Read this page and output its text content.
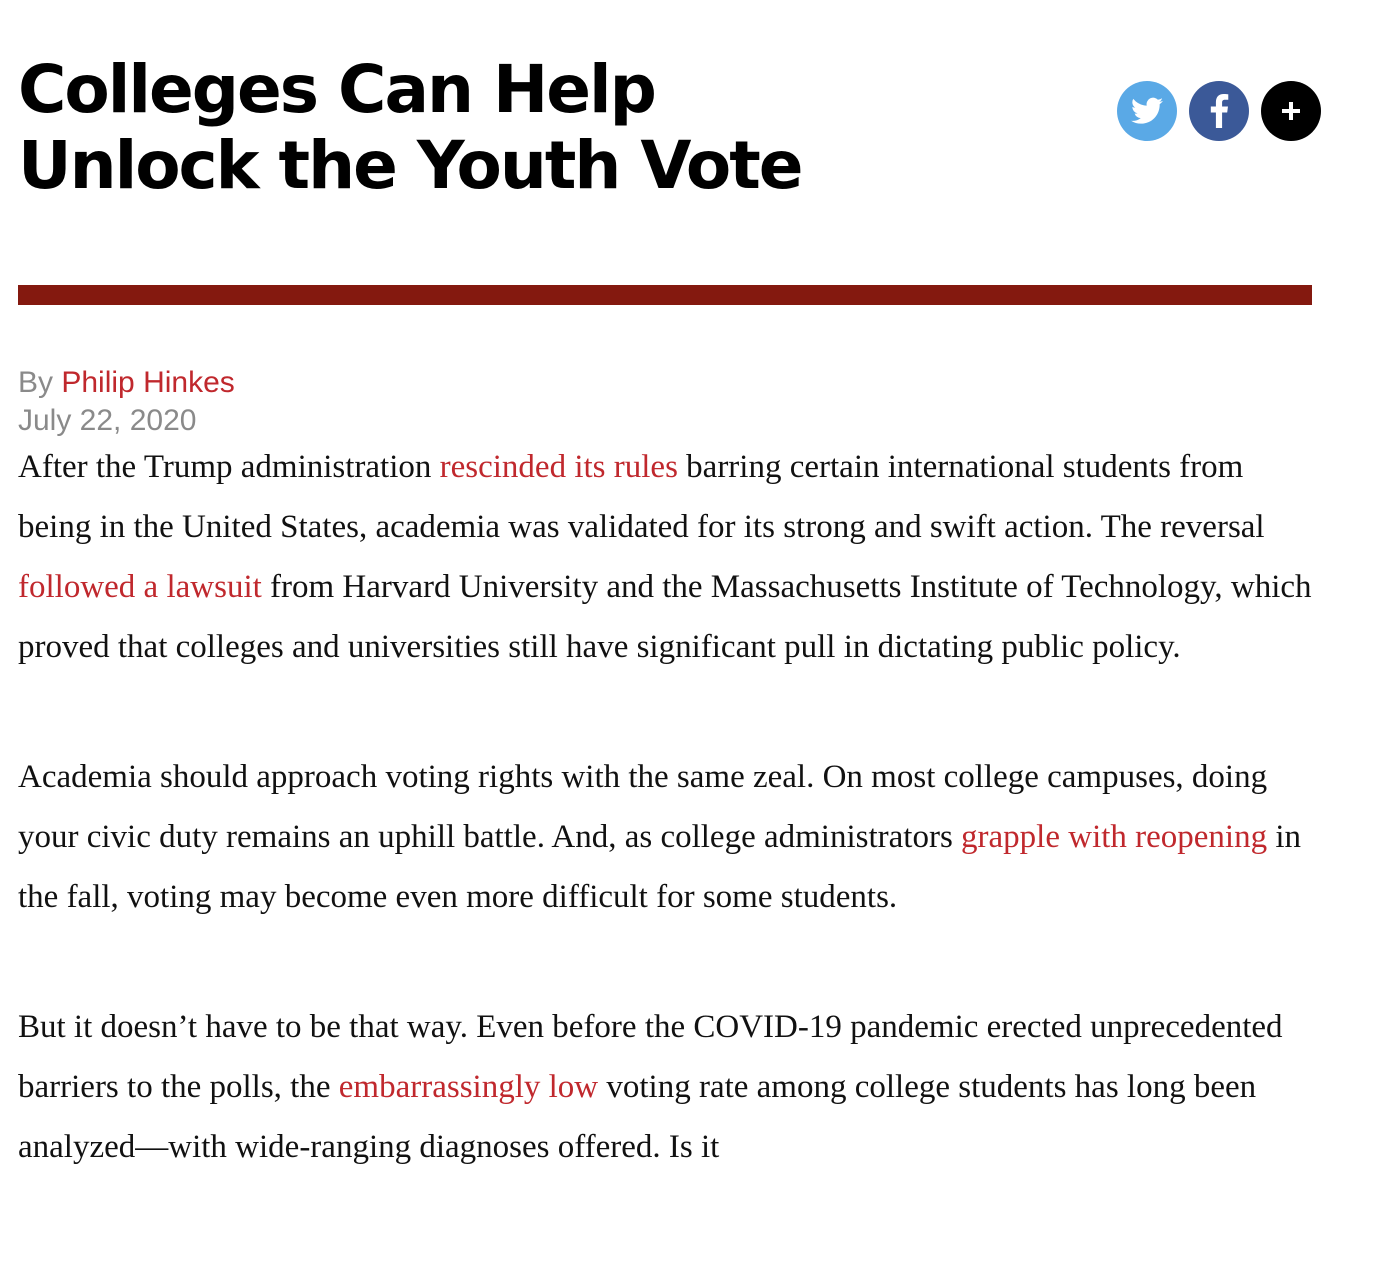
Colleges Can Help
Unlock the Youth Vote
By Philip Hinkes
July 22, 2020

After the Trump administration rescinded its rules barring certain international students from being in the United States, academia was validated for its strong and swift action. The reversal followed a lawsuit from Harvard University and the Massachusetts Institute of Technology, which proved that colleges and universities still have significant pull in dictating public policy.

Academia should approach voting rights with the same zeal. On most college campuses, doing your civic duty remains an uphill battle. And, as college administrators grapple with reopening in the fall, voting may become even more difficult for some students.

But it doesn’t have to be that way. Even before the COVID-19 pandemic erected unprecedented barriers to the polls, the embarrassingly low voting rate among college students has long been analyzed—with wide-ranging diagnoses offered. Is it
